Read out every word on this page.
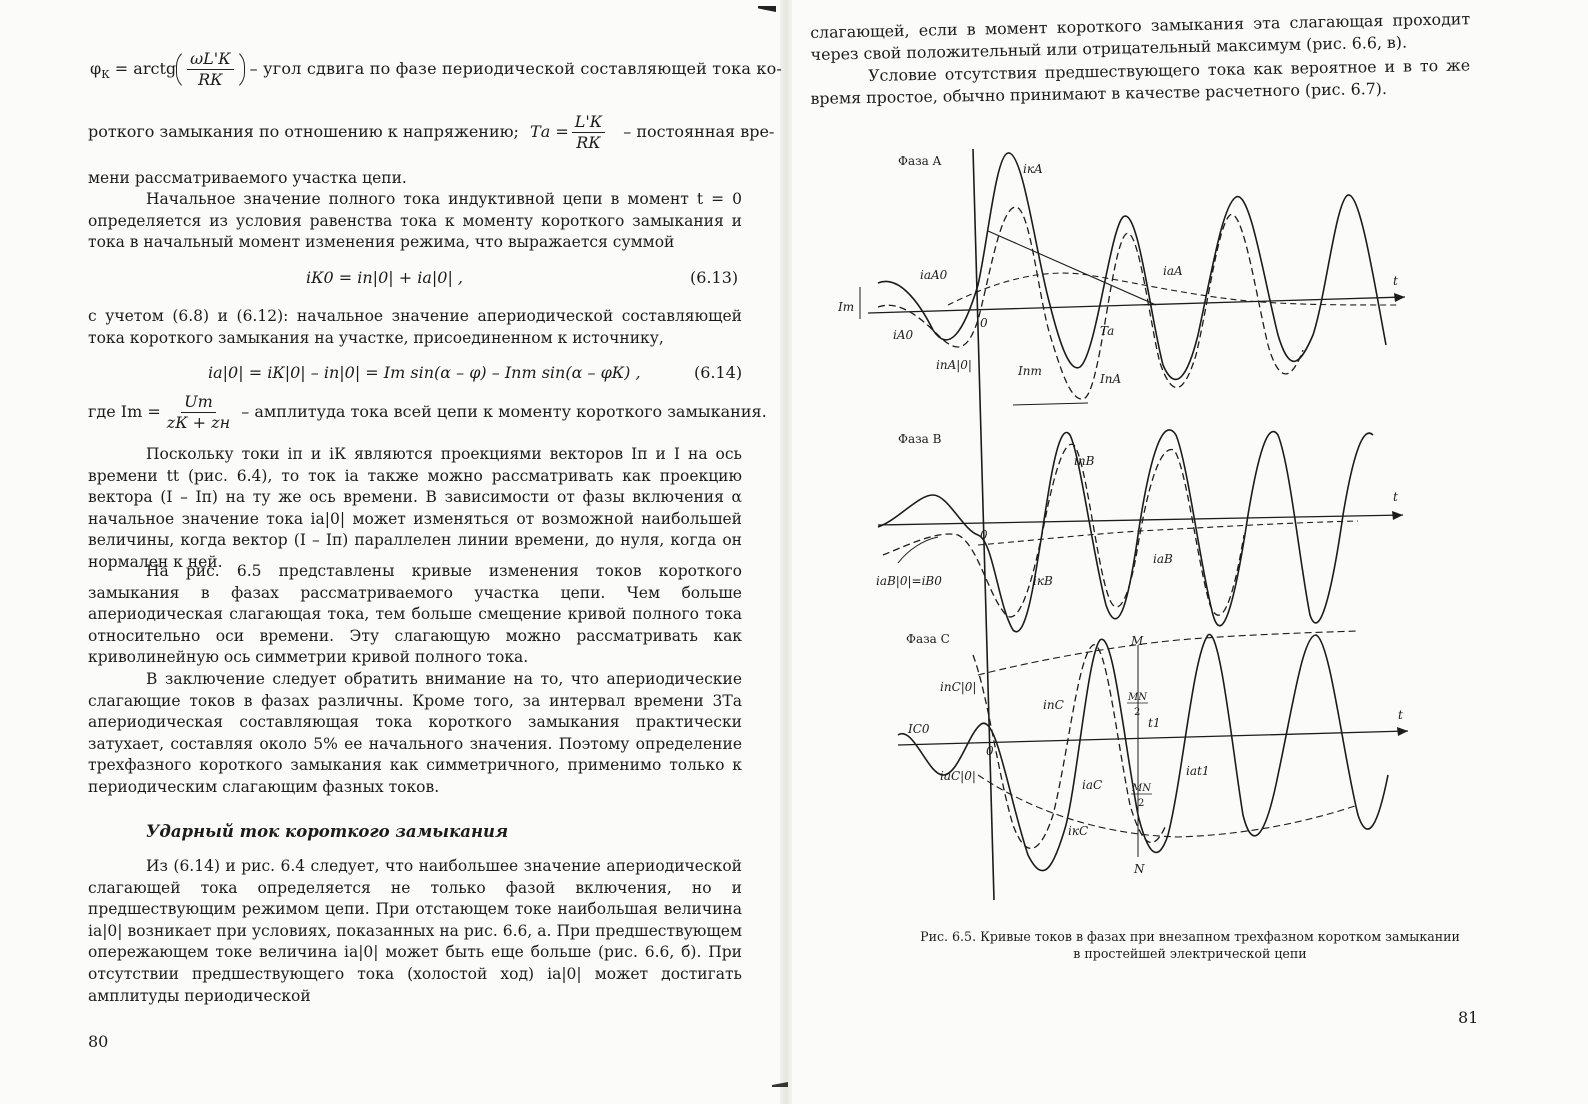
$\varphi_К$ = arctg $\frac{\omega L'К}{RК}$ – угол сдвига по фазе периодической составляющей тока ко-
роткого замыкания по отношению к напряжению; Tа = $\frac{L'К}{RК}$ – постоянная вре-
мени рассматриваемого участка цепи.
Начальное значение полного тока индуктивной цепи в момент t = 0 определяется из условия равенства тока к моменту короткого замыкания и тока в начальный момент изменения режима, что выражается суммой
iК0 = iп|0| + iа|0| ,	(6.13)
с учетом (6.8) и (6.12): начальное значение апериодической составляющей тока короткого замыкания на участке, присоединенном к источнику,
iа|0| = iК|0| – iп|0| = Im sin(α – φ) – Iпm sin(α – φК) ,	(6.14)
где $Im = \frac{Um}{zК + zн}$ – амплитуда тока всей цепи к моменту короткого замыкания.
Поскольку токи iп и iК являются проекциями векторов Iп и I на ось времени tt (рис. 6.4), то ток iа также можно рассматривать как проекцию вектора (I – Iп) на ту же ось времени. В зависимости от фазы включения α начальное значение тока iа|0| может изменяться от возможной наибольшей величины, когда вектор (I – Iп) параллелен линии времени, до нуля, когда он нормален к ней.
На рис. 6.5 представлены кривые изменения токов короткого замыкания в фазах рассматриваемого участка цепи. Чем больше апериодическая слагающая тока, тем больше смещение кривой полного тока относительно оси времени. Эту слагающую можно рассматривать как криволинейную ось симметрии кривой полного тока.
В заключение следует обратить внимание на то, что апериодические слагающие токов в фазах различны. Кроме того, за интервал времени 3Tа апериодическая составляющая тока короткого замыкания практически затухает, составляя около 5% ее начального значения. Поэтому определение трехфазного короткого замыкания как симметричного, применимо только к периодическим слагающим фазных токов.
Ударный ток короткого замыкания
Из (6.14) и рис. 6.4 следует, что наибольшее значение апериодической слагающей тока определяется не только фазой включения, но и предшествующим режимом цепи. При отстающем токе наибольшая величина iа|0| возникает при условиях, показанных на рис. 6.6, а. При предшествующем опережающем токе величина iа|0| может быть еще больше (рис. 6.6, б). При отсутствии предшествующего тока (холостой ход) iа|0| может достигать амплитуды периодической
80
слагающей, если в момент короткого замыкания эта слагающая проходит через свой положительный или отрицательный максимум (рис. 6.6, в).
Условие отсутствия предшествующего тока как вероятное и в то же время простое, обычно принимают в качестве расчетного (рис. 6.7).
Фаза A
iкA
iaA
iaA0
iA0
Im
iпA|0|	Iпm
IпA
Ta
t
0
Фаза B
iпB
iaB
iкB
iaB|0|=iB0
t
0
Фаза C
iпC|0|
iпC
IC0
iaC|0|
iaC
iкC
iat1
t1
M
N
MN
2
MN
2
t
0
Рис. 6.5. Кривые токов в фазах при внезапном трехфазном коротком замыкании
в простейшей электрической цепи
81
